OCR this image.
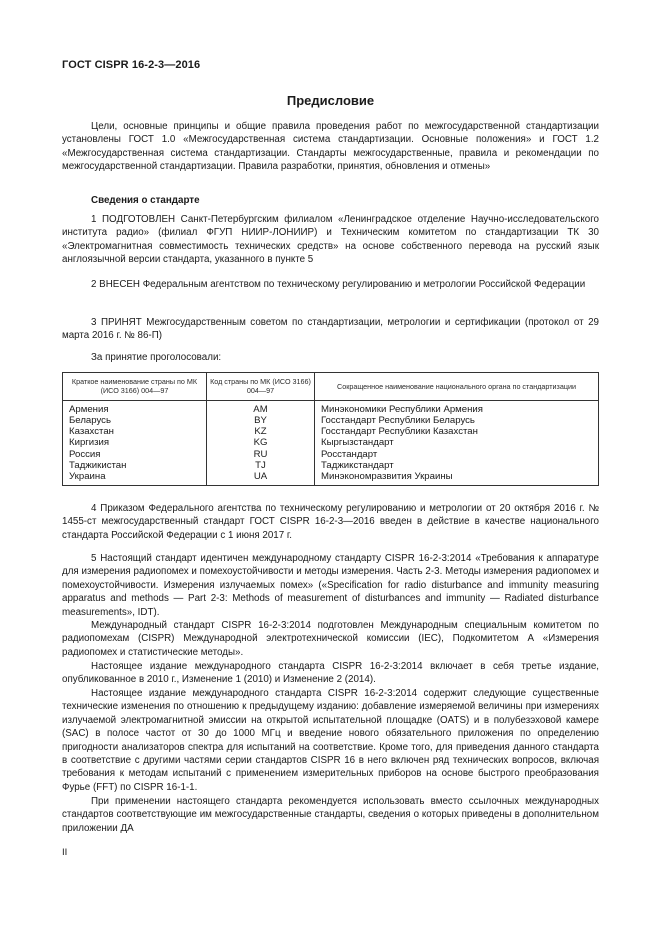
ГОСТ CISPR 16-2-3—2016
Предисловие

Цели, основные принципы и общие правила проведения работ по межгосударственной стандартизации установлены ГОСТ 1.0 «Межгосударственная система стандартизации. Основные положения» и ГОСТ 1.2 «Межгосударственная система стандартизации. Стандарты межгосударственные, правила и рекомендации по межгосударственной стандартизации. Правила разработки, принятия, обновления и отмены»

Сведения о стандарте

1 ПОДГОТОВЛЕН Санкт-Петербургским филиалом «Ленинградское отделение Научно-исследовательского института радио» (филиал ФГУП НИИР-ЛОНИИР) и Техническим комитетом по стандартизации ТК 30 «Электромагнитная совместимость технических средств» на основе собственного перевода на русский язык англоязычной версии стандарта, указанного в пункте 5

2 ВНЕСЕН Федеральным агентством по техническому регулированию и метрологии Российской Федерации

3 ПРИНЯТ Межгосударственным советом по стандартизации, метрологии и сертификации (протокол от 29 марта 2016 г. № 86-П)

За принятие проголосовали:

Краткое наименование страны по МК (ИСО 3166) 004—97	Код страны по МК (ИСО 3166) 004—97	Сокращенное наименование национального органа по стандартизации
Армения	AM	Минэкономики Республики Армения
Беларусь	BY	Госстандарт Республики Беларусь
Казахстан	KZ	Госстандарт Республики Казахстан
Киргизия	KG	Кыргызстандарт
Россия	RU	Росстандарт
Таджикистан	TJ	Таджикстандарт
Украина	UA	Минэкономразвития Украины

4 Приказом Федерального агентства по техническому регулированию и метрологии от 20 октября 2016 г. № 1455-ст межгосударственный стандарт ГОСТ CISPR 16-2-3—2016 введен в действие в качестве национального стандарта Российской Федерации с 1 июня 2017 г.

5 Настоящий стандарт идентичен международному стандарту CISPR 16-2-3:2014 «Требования к аппаратуре для измерения радиопомех и помехоустойчивости и методы измерения. Часть 2-3. Методы измерения радиопомех и помехоустойчивости. Измерения излучаемых помех» («Specification for radio disturbance and immunity measuring apparatus and methods — Part 2-3: Methods of measurement of disturbances and immunity — Radiated disturbance measurements», IDT).

Международный стандарт CISPR 16-2-3:2014 подготовлен Международным специальным комитетом по радиопомехам (CISPR) Международной электротехнической комиссии (IEC), Подкомитетом А «Измерения радиопомех и статистические методы».

Настоящее издание международного стандарта CISPR 16-2-3:2014 включает в себя третье издание, опубликованное в 2010 г., Изменение 1 (2010) и Изменение 2 (2014).

Настоящее издание международного стандарта CISPR 16-2-3:2014 содержит следующие существенные технические изменения по отношению к предыдущему изданию: добавление измеряемой величины при измерениях излучаемой электромагнитной эмиссии на открытой испытательной площадке (OATS) и в полубезэховой камере (SAC) в полосе частот от 30 до 1000 МГц и введение нового обязательного приложения по определению пригодности анализаторов спектра для испытаний на соответствие. Кроме того, для приведения данного стандарта в соответствие с другими частями серии стандартов CISPR 16 в него включен ряд технических вопросов, включая требования к методам испытаний с применением измерительных приборов на основе быстрого преобразования Фурье (FFT) по CISPR 16-1-1.

При применении настоящего стандарта рекомендуется использовать вместо ссылочных международных стандартов соответствующие им межгосударственные стандарты, сведения о которых приведены в дополнительном приложении ДА

II
